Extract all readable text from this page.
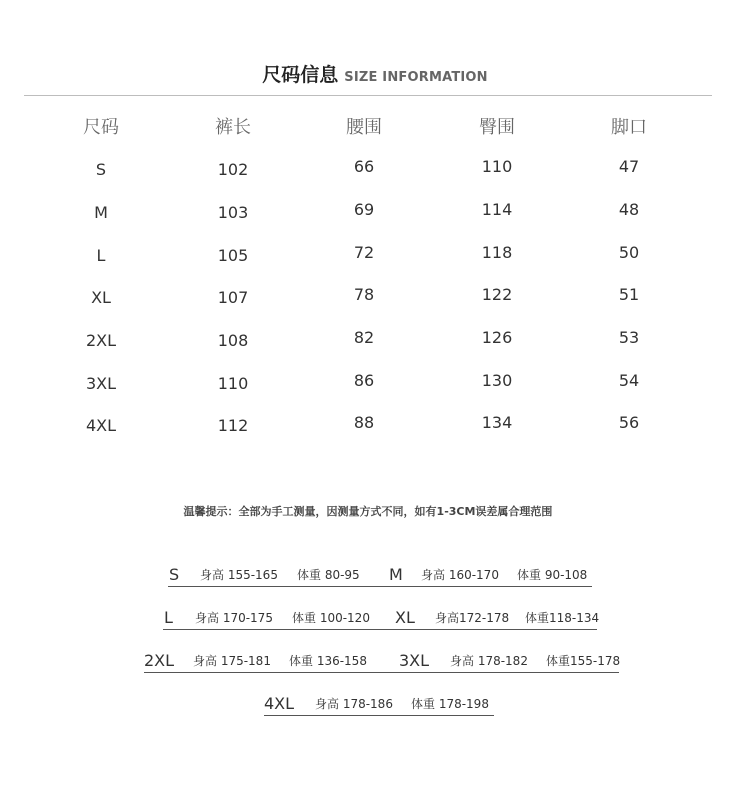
尺码信息 SIZE INFORMATION
尺码	裤长	腰围	臀围	脚口
S	102	66	110	47
M	103	69	114	48
L	105	72	118	50
XL	107	78	122	51
2XL	108	82	126	53
3XL	110	86	130	54
4XL	112	88	134	56
温馨提示：全部为手工测量，因测量方式不同，如有1-3CM误差属合理范围
S 身高 155-165 体重 80-95 M 身高 160-170 体重 90-108
L 身高 170-175 体重 100-120 XL 身高172-178 体重118-134
2XL 身高 175-181 体重 136-158 3XL 身高 178-182 体重155-178
4XL 身高 178-186 体重 178-198
